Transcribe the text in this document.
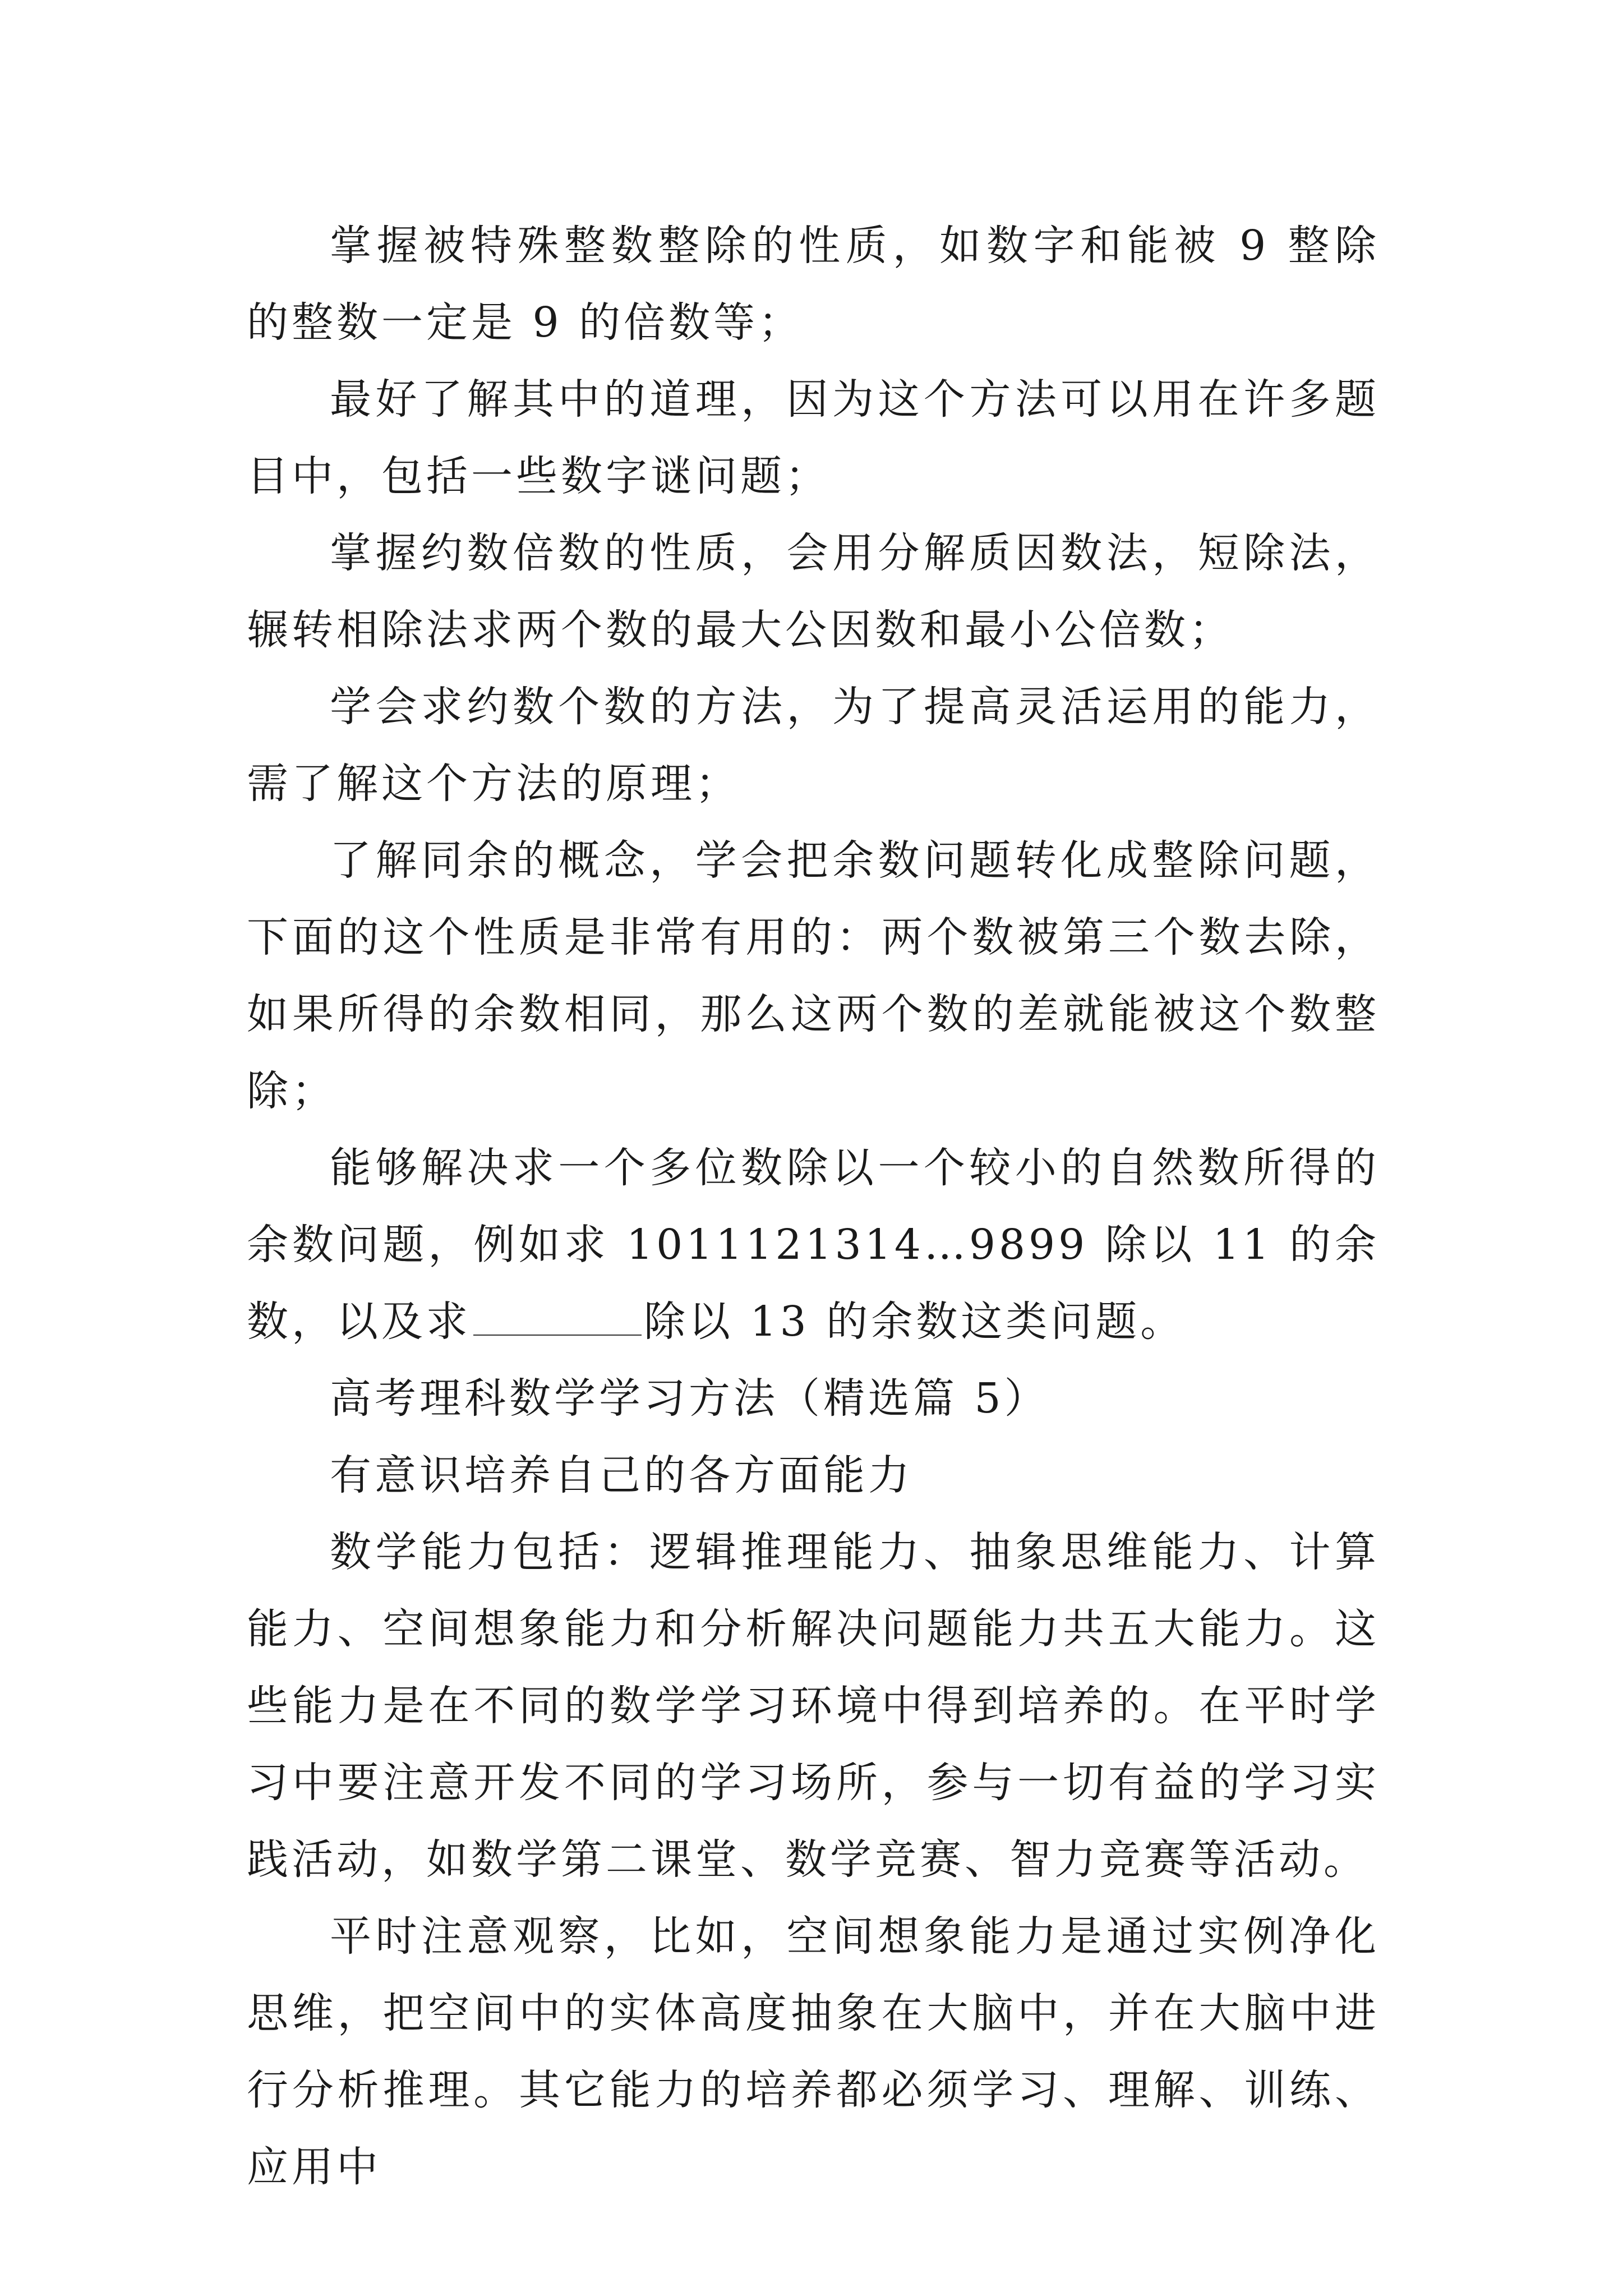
掌握被特殊整数整除的性质，如数字和能被 9 整除的整数一定是 9 的倍数等；

最好了解其中的道理，因为这个方法可以用在许多题目中，包括一些数字谜问题；

掌握约数倍数的性质，会用分解质因数法，短除法，辗转相除法求两个数的最大公因数和最小公倍数；

学会求约数个数的方法，为了提高灵活运用的能力，需了解这个方法的原理；

了解同余的概念，学会把余数问题转化成整除问题，下面的这个性质是非常有用的：两个数被第三个数去除，如果所得的余数相同，那么这两个数的差就能被这个数整除；

能够解决求一个多位数除以一个较小的自然数所得的余数问题，例如求 1011121314…9899 除以 11 的余数，以及求	除以 13 的余数这类问题。

高考理科数学学习方法（精选篇 5）

有意识培养自己的各方面能力

数学能力包括：逻辑推理能力、抽象思维能力、计算能力、空间想象能力和分析解决问题能力共五大能力。这些能力是在不同的数学学习环境中得到培养的。在平时学习中要注意开发不同的学习场所，参与一切有益的学习实践活动，如数学第二课堂、数学竞赛、智力竞赛等活动。

平时注意观察，比如，空间想象能力是通过实例净化思维，把空间中的实体高度抽象在大脑中，并在大脑中进行分析推理。其它能力的培养都必须学习、理解、训练、应用中
